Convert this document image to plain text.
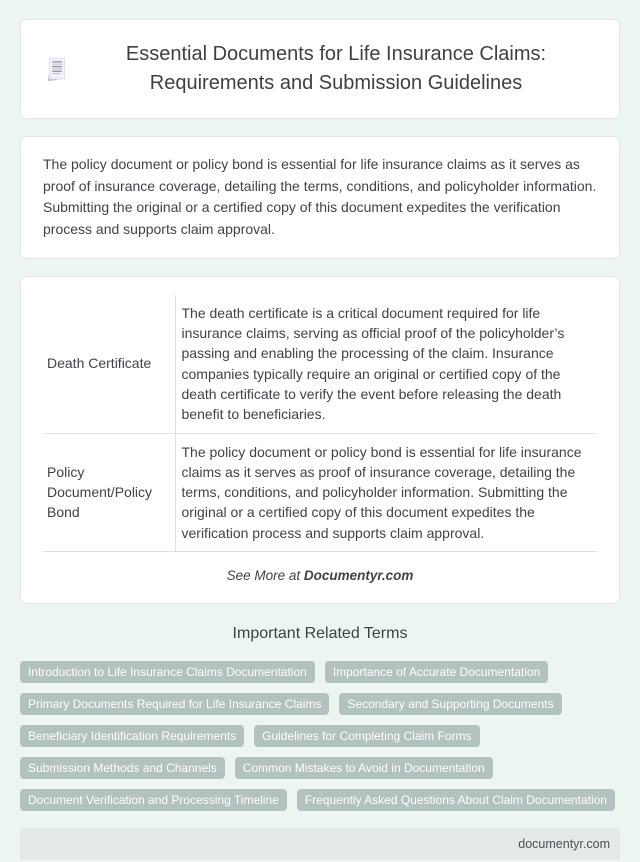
Essential Documents for Life Insurance Claims: Requirements and Submission Guidelines

The policy document or policy bond is essential for life insurance claims as it serves as proof of insurance coverage, detailing the terms, conditions, and policyholder information. Submitting the original or a certified copy of this document expedites the verification process and supports claim approval.

Death Certificate	The death certificate is a critical document required for life insurance claims, serving as official proof of the policyholder’s passing and enabling the processing of the claim. Insurance companies typically require an original or certified copy of the death certificate to verify the event before releasing the death benefit to beneficiaries.
Policy Document/Policy Bond	The policy document or policy bond is essential for life insurance claims as it serves as proof of insurance coverage, detailing the terms, conditions, and policyholder information. Submitting the original or a certified copy of this document expedites the verification process and supports claim approval.

See More at Documentyr.com

Important Related Terms
Introduction to Life Insurance Claims Documentation	Importance of Accurate Documentation
Primary Documents Required for Life Insurance Claims	Secondary and Supporting Documents
Beneficiary Identification Requirements	Guidelines for Completing Claim Forms
Submission Methods and Channels	Common Mistakes to Avoid in Documentation
Document Verification and Processing Timeline	Frequently Asked Questions About Claim Documentation
documentyr.com
